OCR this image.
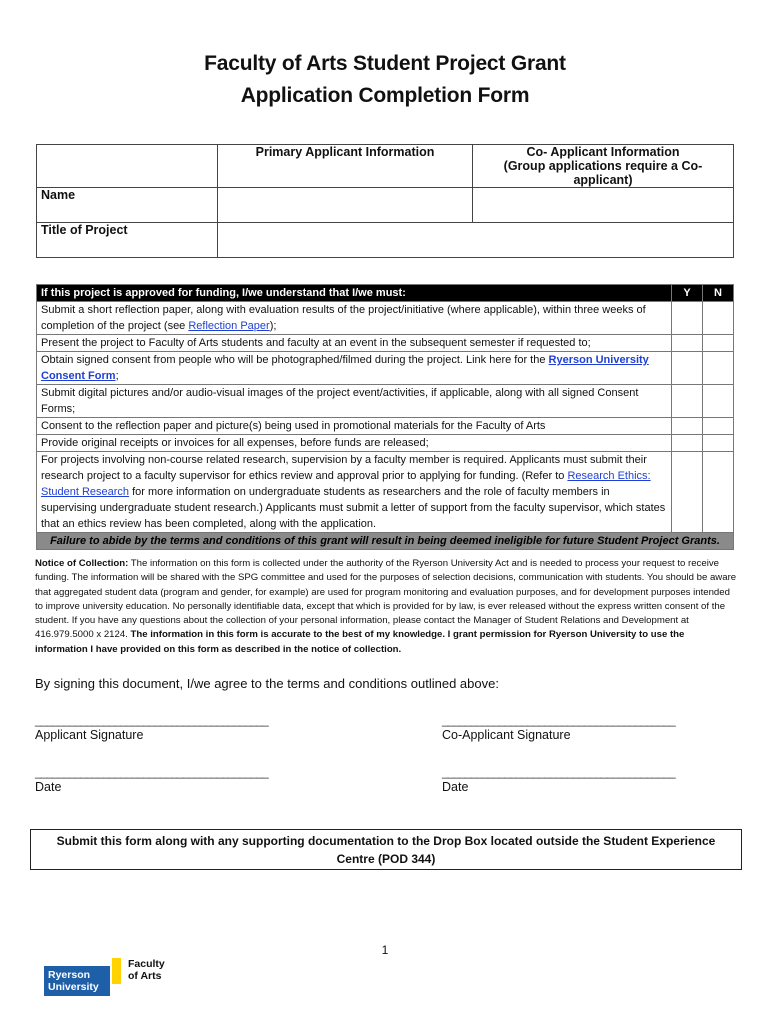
Faculty of Arts Student Project Grant
Application Completion Form
	Primary Applicant Information	Co- Applicant Information
(Group applications require a Co-applicant)

Name		
Title of Project		
If this project is approved for funding, I/we understand that I/we must:	Y	N
Submit a short reflection paper, along with evaluation results of the project/initiative (where applicable), within three weeks of completion of the project (see Reflection Paper);		
Present the project to Faculty of Arts students and faculty at an event in the subsequent semester if requested to;		
Obtain signed consent from people who will be photographed/filmed during the project. Link here for the Ryerson University Consent Form;		
Submit digital pictures and/or audio-visual images of the project event/activities, if applicable, along with all signed Consent Forms;		
Consent to the reflection paper and picture(s) being used in promotional materials for the Faculty of Arts		
Provide original receipts or invoices for all expenses, before funds are released;		
For projects involving non-course related research, supervision by a faculty member is required. Applicants must submit their research project to a faculty supervisor for ethics review and approval prior to applying for funding. (Refer to Research Ethics: Student Research for more information on undergraduate students as researchers and the role of faculty members in supervising undergraduate student research.) Applicants must submit a letter of support from the faculty supervisor, which states that an ethics review has been completed, along with the application.		
Failure to abide by the terms and conditions of this grant will result in being deemed ineligible for future Student Project Grants.		
Notice of Collection: The information on this form is collected under the authority of the Ryerson University Act and is needed to process your request to receive funding. The information will be shared with the SPG committee and used for the purposes of selection decisions, communication with students. You should be aware that aggregated student data (program and gender, for example) are used for program monitoring and evaluation purposes, and for development purposes intended to improve university education. No personally identifiable data, except that which is provided for by law, is ever released without the express written consent of the student. If you have any questions about the collection of your personal information, please contact the Manager of Student Relations and Development at 416.979.5000 x 2124. The information in this form is accurate to the best of my knowledge. I grant permission for Ryerson University to use the information I have provided on this form as described in the notice of collection.
By signing this document, I/we agree to the terms and conditions outlined above:
_________________________________________
Applicant Signature
_________________________________________
Co-Applicant Signature
_________________________________________
Date
_________________________________________
Date
Submit this form along with any supporting documentation to the Drop Box located outside the Student Experience
Centre (POD 344)
1
Ryerson
University
Faculty
of Arts
